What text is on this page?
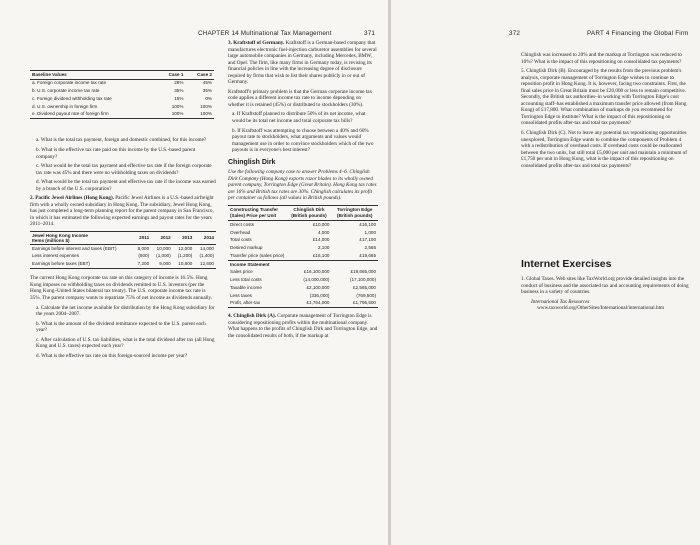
CHAPTER 14 Multinational Tax Management	371
Baseline Values	Case 1	Case 2
a. Foreign corporate income tax rate	28%	45%
b. U.S. corporate income tax rate	35%	35%
c. Foreign dividend withholding tax rate	15%	0%
d. U.S. ownership in foreign firm	100%	100%
e. Dividend payout rate of foreign firm	100%	100%

a. What is the total tax payment, foreign and domestic combined, for this income?

b. What is the effective tax rate paid on this income by the U.S.-based parent company?

c. What would be the total tax payment and effective tax rate if the foreign corporate tax rate was 45% and there were no withholding taxes on dividends?

d. What would be the total tax payment and effective tax rate if the income was earned by a branch of the U.S. corporation?

2. Pacific Jewel Airlines (Hong Kong). Pacific Jewel Airlines is a U.S.-based airfreight firm with a wholly owned subsidiary in Hong Kong. The subsidiary, Jewel Hong Kong, has just completed a long-term planning report for the parent company in San Francisco, in which it has estimated the following expected earnings and payout rates for the years 2011–2014.

Jewel Hong Kong Income
Items (millions $)	2011	2012	2013	2014
Earnings before interest and taxes (EBIT)	8,000	10,000	12,000	14,000
Less interest expenses	(800)	(1,000)	(1,200)	(1,400)
Earnings before taxes (EBT)	7,200	9,000	10,800	12,600

The current Hong Kong corporate tax rate on this category of income is 16.5%. Hong Kong imposes no withholding taxes on dividends remitted to U.S. investors (per the Hong Kong–United States bilateral tax treaty). The U.S. corporate income tax rate is 35%. The parent company wants to repatriate 75% of net income as dividends annually.

a. Calculate the net income available for distribution by the Hong Kong subsidiary for the years 2004–2007.

b. What is the amount of the dividend remittance expected to the U.S. parent each year?

c. After calculation of U.S. tax liabilities, what is the total dividend after tax (all Hong Kong and U.S. taxes) expected each year?

d. What is the effective tax rate on this foreign-sourced income per year?

3. Kraftstoff of Germany. Kraftstoff is a German-based company that manufactures electronic fuel-injection carburetor assemblies for several large automobile companies in Germany, including Mercedes, BMW, and Opel. The firm, like many firms in Germany today, is revising its financial policies in line with the increasing degree of disclosure required by firms that wish to list their shares publicly in or out of Germany.

Kraftstoff's primary problem is that the German corporate income tax code applies a different income tax rate to income depending on whether it is retained (45%) or distributed to stockholders (30%).

a. If Kraftstoff planned to distribute 50% of its net income, what would be its total net income and total corporate tax bills?

b. If Kraftstoff was attempting to choose between a 40% and 60% payout rate to stockholders, what arguments and values would management use in order to convince stockholders which of the two payouts is in everyone's best interest?

Chinglish Dirk

Use the following company case to answer Problems 4–6. Chinglish Dirk Company (Hong Kong) exports razor blades to its wholly owned parent company, Torrington Edge (Great Britain). Hong Kong tax rates are 16% and British tax rates are 30%. Chinglish calculates its profit per container as follows (all values in British pounds).

Constructing Transfer (Sales) Price per Unit	Chinglish Dirk (British pounds)	Torrington Edge (British pounds)
Direct costs	£10,000	£16,100
Overhead	4,000	1,000
Total costs	£14,000	£17,100
Desired markup	2,100	2,565
Transfer price (sales price)	£16,100	£19,665
Income Statement		
Sales price	£16,100,000	£19,665,000
Less total costs	(14,000,000)	(17,100,000)
Taxable income	£2,100,000	£2,565,000
Less taxes	(336,000)	(769,500)
Profit, after-tax	£1,764,000	£1,795,500

4. Chinglish Dirk (A). Corporate management of Torrington Edge is considering repositioning profits within the multinational company. What happens to the profits of Chinglish Dirk and Torrington Edge, and the consolidated results of both, if the markup at

372	PART 4 Financing the Global Firm

Chinglish was increased to 20% and the markup at Torrington was reduced to 10%? What is the impact of this repositioning on consolidated tax payments?

5. Chinglish Dirk (B). Encouraged by the results from the previous problem's analysis, corporate management of Torrington Edge wishes to continue to reposition profit in Hong Kong. It is, however, facing two constraints. First, the final sales price in Great Britain must be £20,000 or less to remain competitive. Secondly, the British tax authorities–in working with Torrington Edge's cost accounting staff–has established a maximum transfer price allowed (from Hong Kong) of £17,800. What combination of markups do you recommend for Torrington Edge to institute? What is the impact of this repositioning on consolidated profits after-tax and total tax payments?

6. Chinglish Dirk (C). Not to leave any potential tax repositioning opportunities unexplored, Torrington Edge wants to combine the components of Problem 4 with a redistribution of overhead costs. If overhead costs could be reallocated between the two units, but still total £5,000 per unit and maintain a minimum of £1,750 per unit in Hong Kong, what is the impact of this repositioning on consolidated profits after-tax and total tax payments?

Internet Exercises

1. Global Taxes. Web sites like TaxWorld.org provide detailed insights into the conduct of business and the associated tax and accounting requirements of doing business in a variety of countries.

International Tax Resources www.taxworld.org/OtherSites/International/international.htm
